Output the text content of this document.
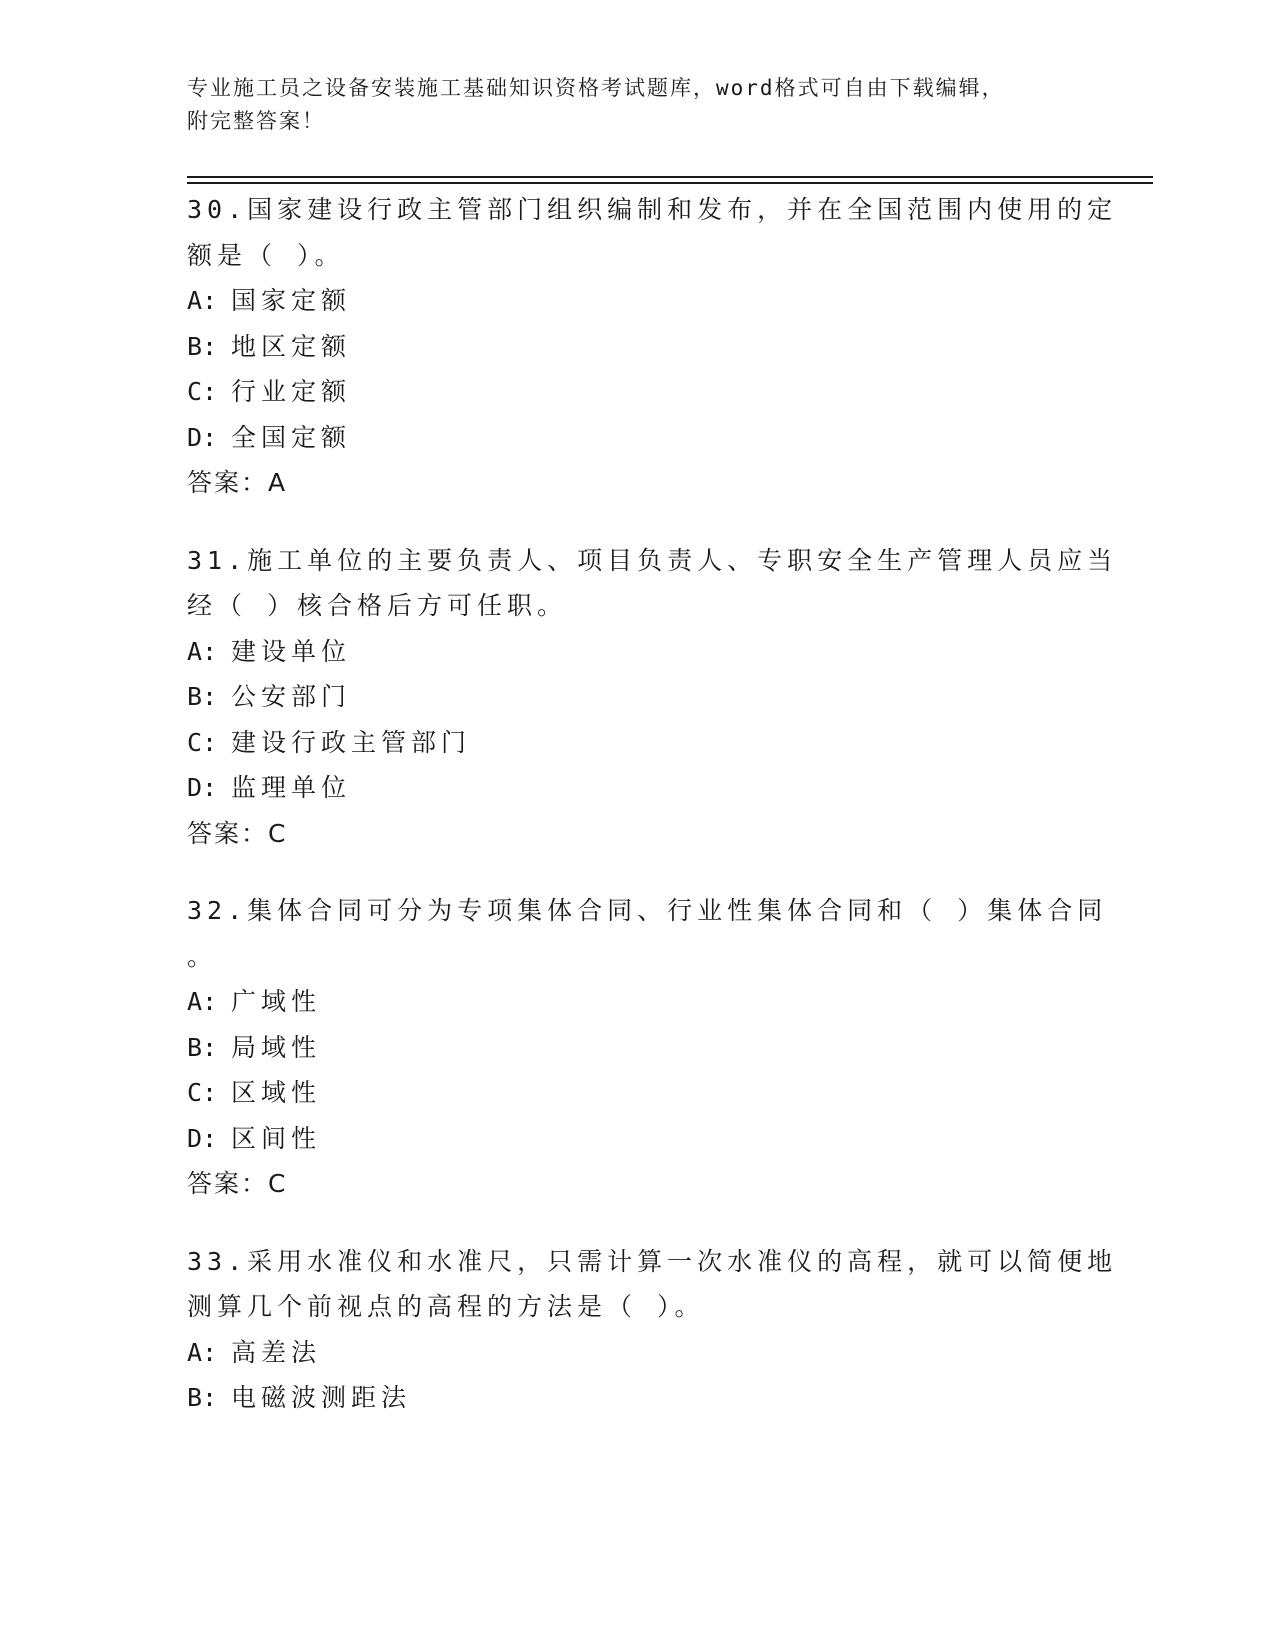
专业施工员之设备安装施工基础知识资格考试题库，word格式可自由下载编辑，
附完整答案！
30.国家建设行政主管部门组织编制和发布，并在全国范围内使用的定
额是（ ）。
A: 国家定额
B: 地区定额
C: 行业定额
D: 全国定额
答案：A
31.施工单位的主要负责人、项目负责人、专职安全生产管理人员应当
经（ ）核合格后方可任职。
A: 建设单位
B: 公安部门
C: 建设行政主管部门
D: 监理单位
答案：C
32.集体合同可分为专项集体合同、行业性集体合同和（ ）集体合同
。
A: 广域性
B: 局域性
C: 区域性
D: 区间性
答案：C
33.采用水准仪和水准尺，只需计算一次水准仪的高程，就可以简便地
测算几个前视点的高程的方法是（ ）。
A: 高差法
B: 电磁波测距法
